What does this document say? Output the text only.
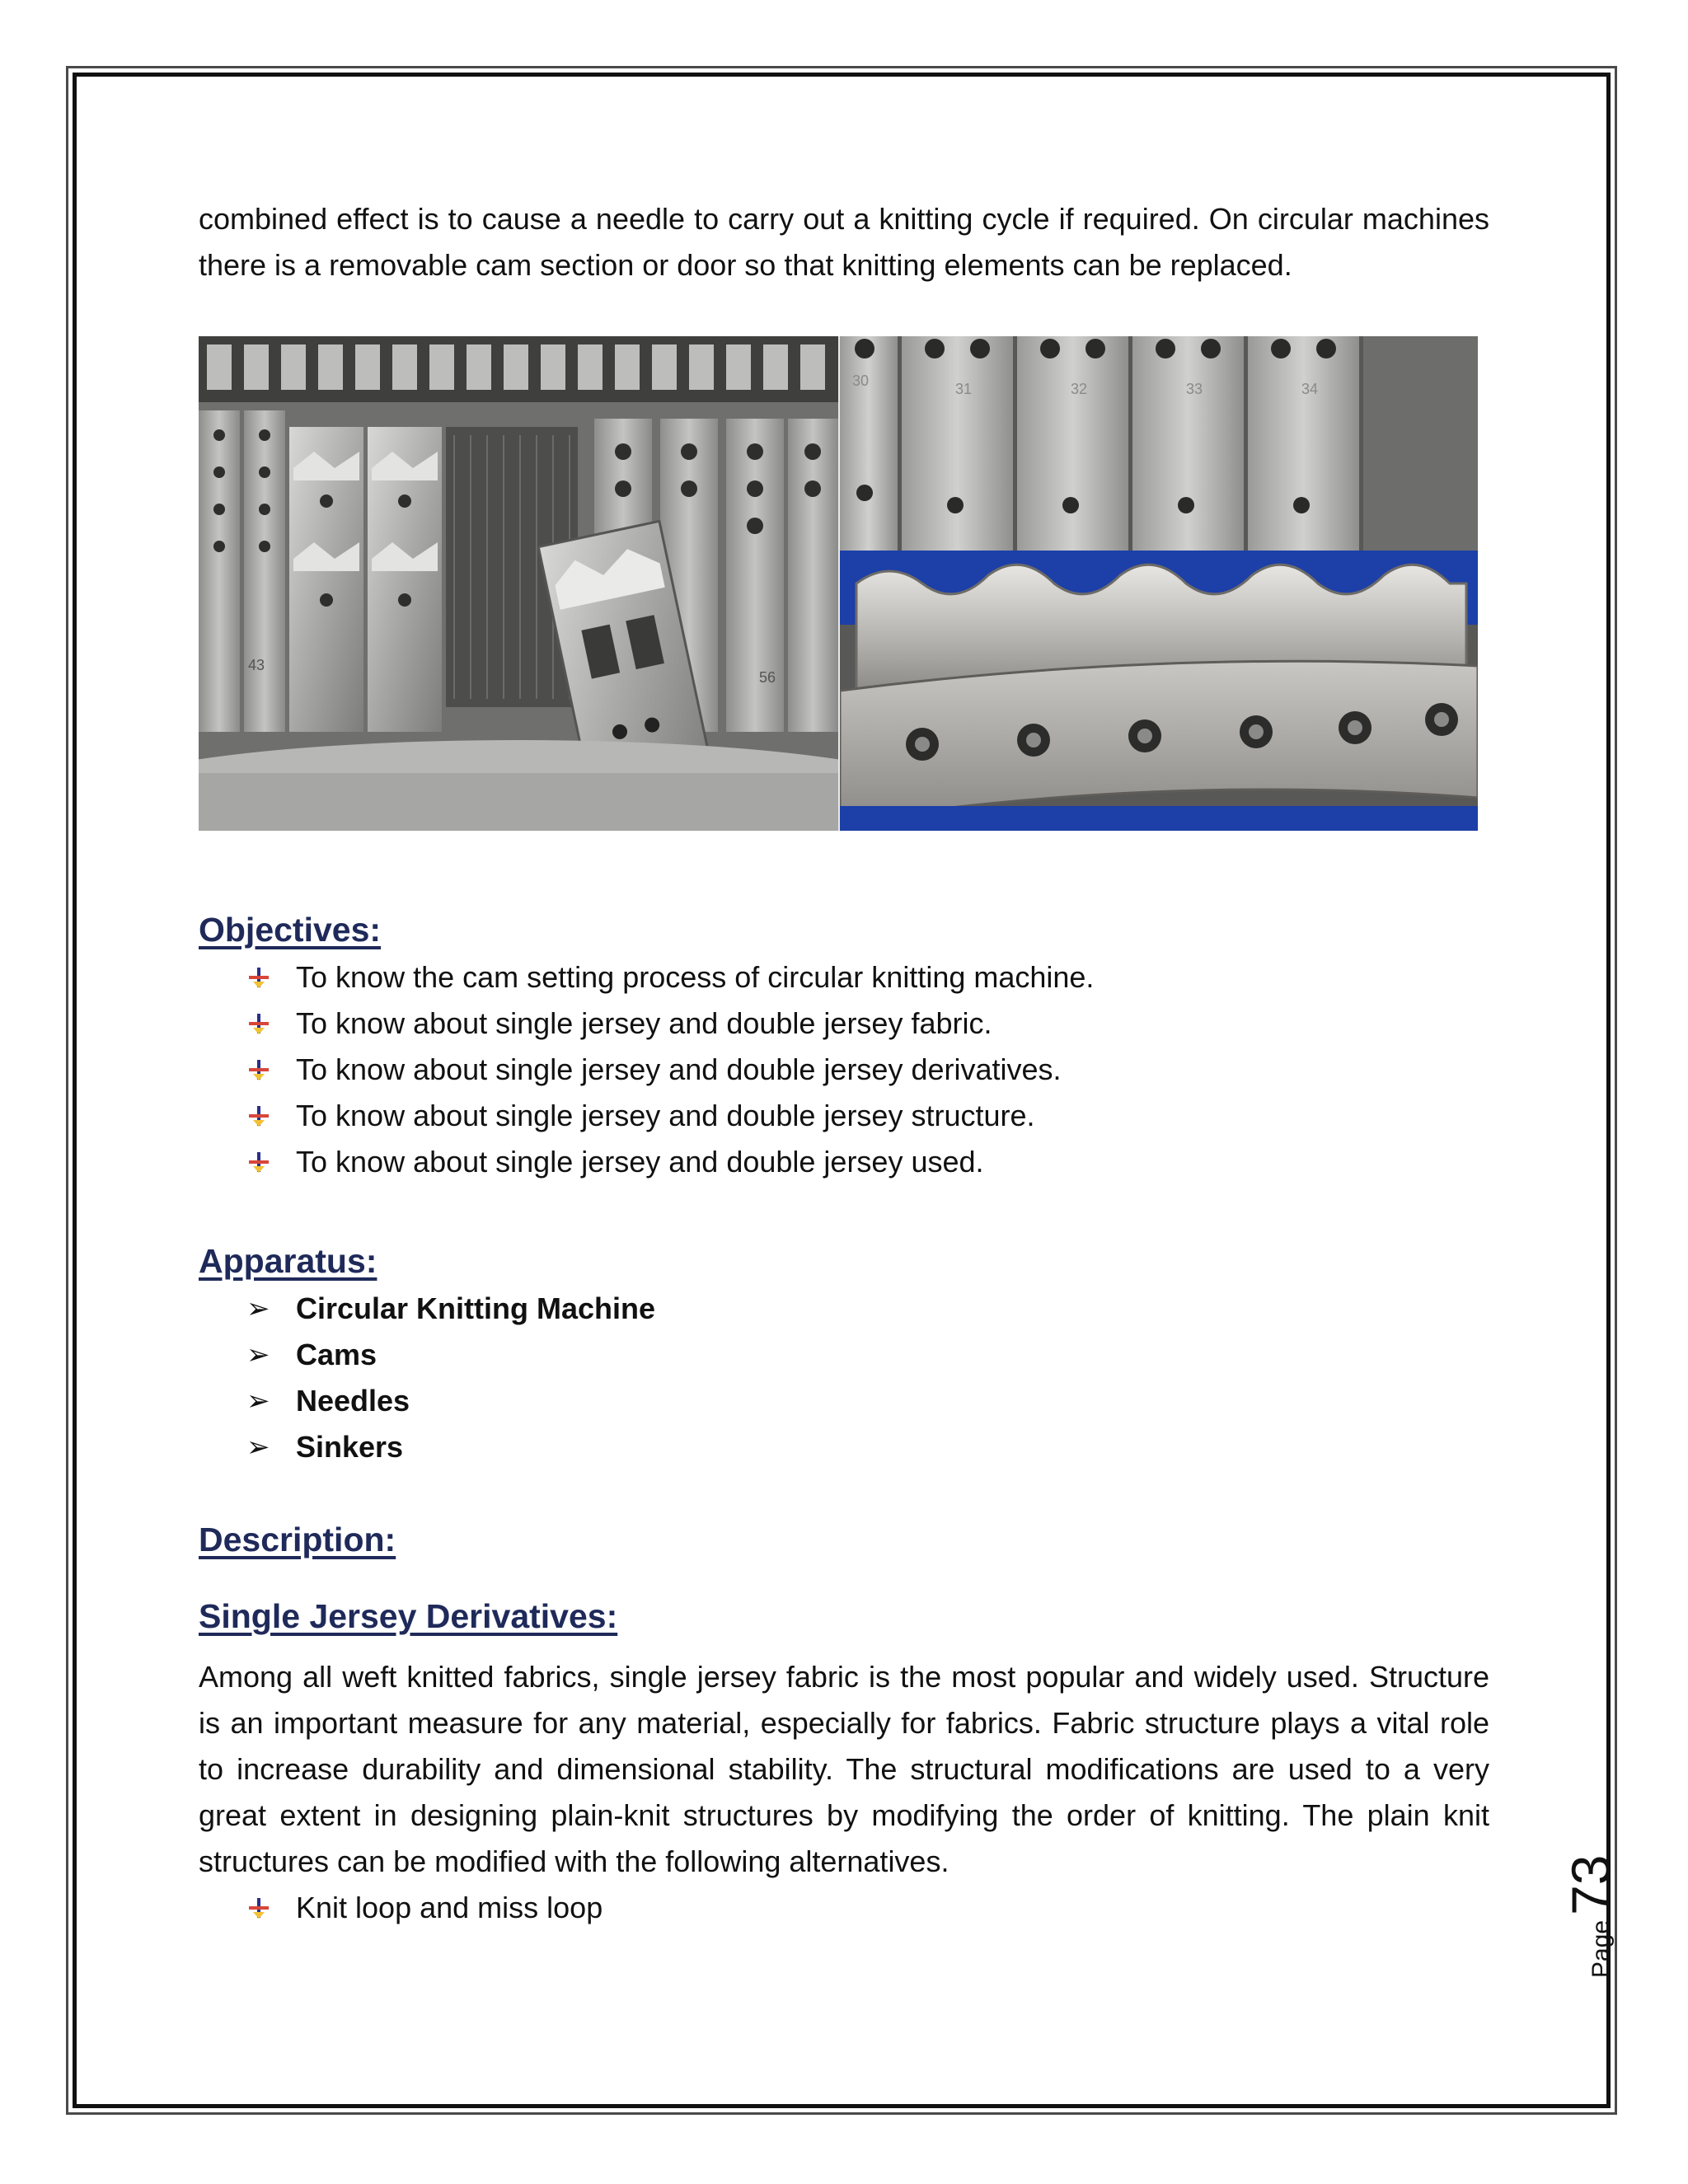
combined effect is to cause a needle to carry out a knitting cycle if required. On circular machines there is a removable cam section or door so that knitting elements can be replaced.

43
56
30	31	32	33	34
Objectives:
To know the cam setting process of circular knitting machine.
To know about single jersey and double jersey fabric.
To know about single jersey and double jersey derivatives.
To know about single jersey and double jersey structure.
To know about single jersey and double jersey used.
Apparatus:
➢ Circular Knitting Machine
➢ Cams
➢ Needles
➢ Sinkers
Description:
Single Jersey Derivatives:

Among all weft knitted fabrics, single jersey fabric is the most popular and widely used. Structure is an important measure for any material, especially for fabrics. Fabric structure plays a vital role to increase durability and dimensional stability. The structural modifications are used to a very great extent in designing plain-knit structures by modifying the order of knitting. The plain knit structures can be modified with the following alternatives.

Knit loop and miss loop
Page
73
